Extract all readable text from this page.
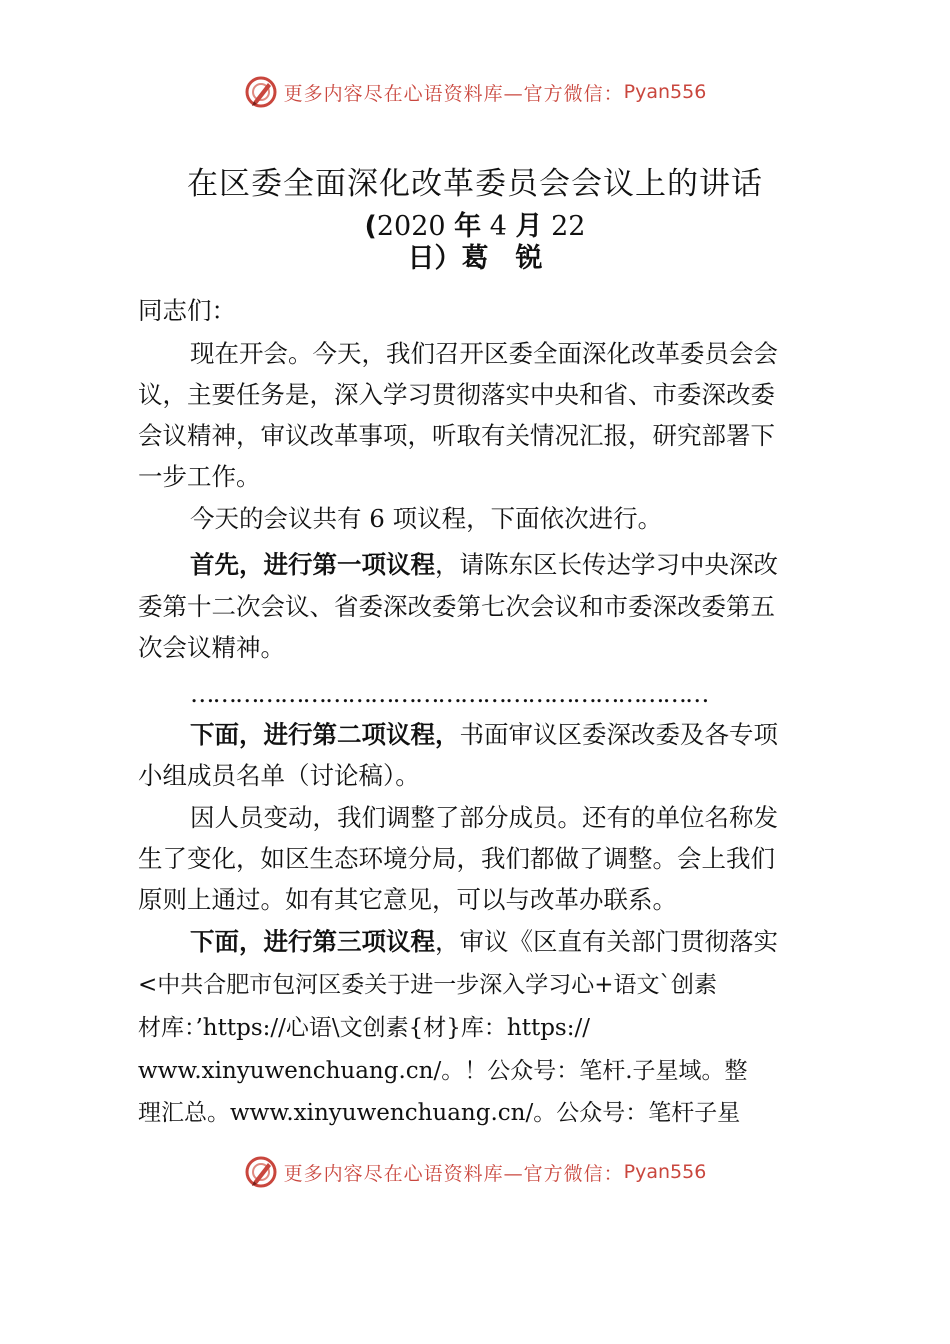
更多内容尽在心语资料库—官方微信： Pyan556
在区委全面深化改革委员会会议上的讲话
(2020 年 4 月 22
日）葛　锐
同志们：
现在开会。今天，我们召开区委全面深化改革委员会会
议，主要任务是，深入学习贯彻落实中央和省、市委深改委
会议精神，审议改革事项，听取有关情况汇报，研究部署下
一步工作。
今天的会议共有 6 项议程，下面依次进行。
首先，进行第一项议程，请陈东区长传达学习中央深改
委第十二次会议、省委深改委第七次会议和市委深改委第五
次会议精神。
……………………………………………………………
下面，进行第二项议程，书面审议区委深改委及各专项
小组成员名单（讨论稿）。
因人员变动，我们调整了部分成员。还有的单位名称发
生了变化，如区生态环境分局，我们都做了调整。会上我们
原则上通过。如有其它意见，可以与改革办联系。
下面，进行第三项议程，审议《区直有关部门贯彻落实
<中共合肥市包河区委关于进一步深入学习心+语文`创素
材库：’https://心语\文创素{材}库：https://
www.xinyuwenchuang.cn/。！公众号：笔杆.子星域。整
理汇总。www.xinyuwenchuang.cn/。公众号：笔杆子星
更多内容尽在心语资料库—官方微信： Pyan556
